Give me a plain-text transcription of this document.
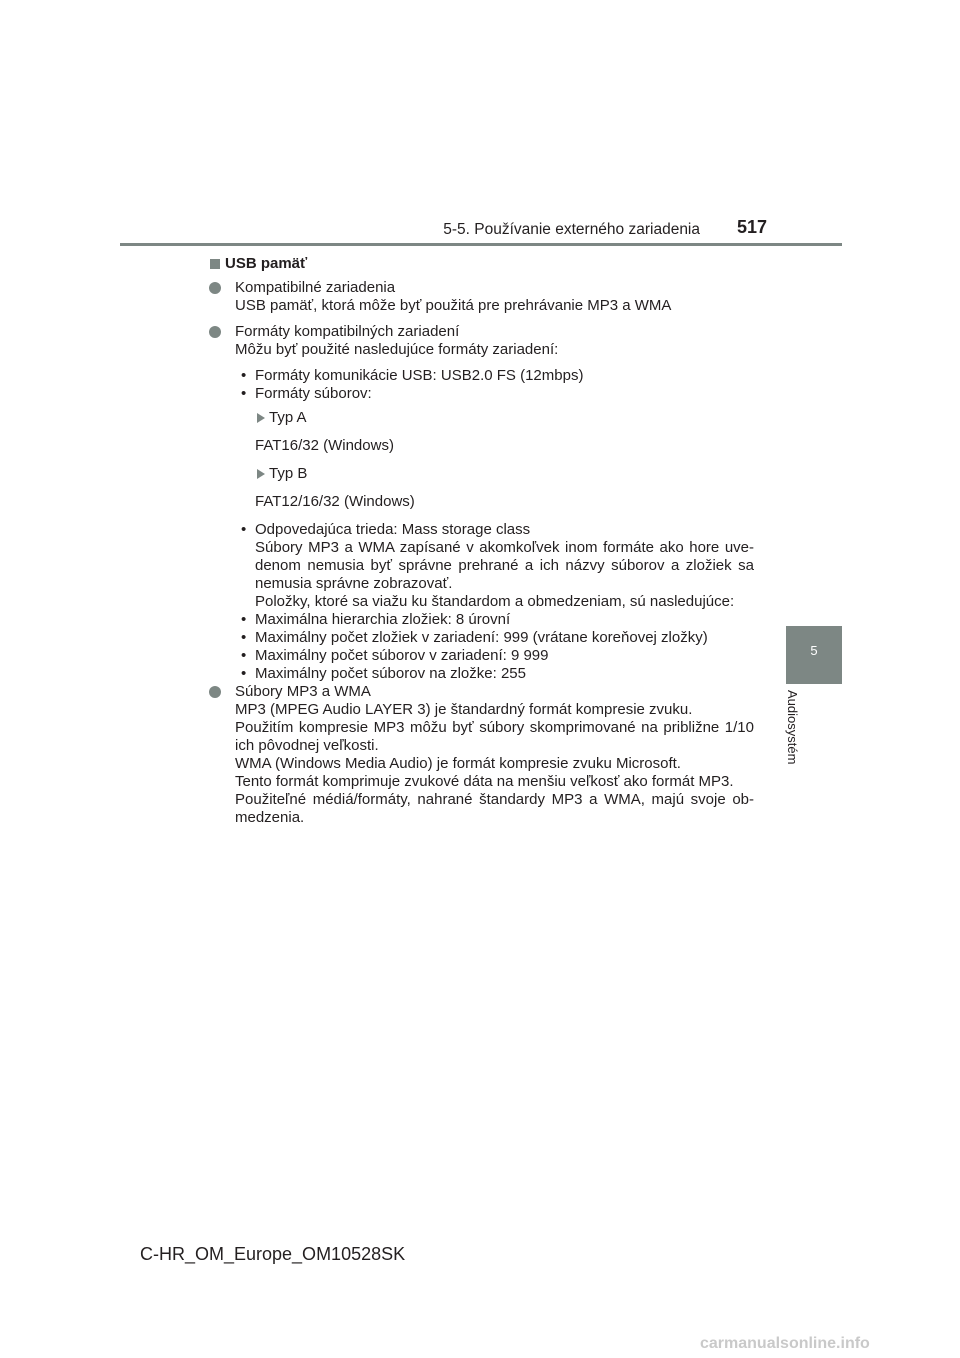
5-5. Používanie externého zariadenia 517
5
Audiosystém
USB pamäť
Kompatibilné zariadenia
USB pamäť, ktorá môže byť použitá pre prehrávanie MP3 a WMA
Formáty kompatibilných zariadení
Môžu byť použité nasledujúce formáty zariadení:
• Formáty komunikácie USB: USB2.0 FS (12mbps)
• Formáty súborov:
Typ A
FAT16/32 (Windows)
Typ B
FAT12/16/32 (Windows)
• Odpovedajúca trieda: Mass storage class
Súbory MP3 a WMA zapísané v akomkoľvek inom formáte ako hore uve-
denom nemusia byť správne prehrané a ich názvy súborov a zložiek sa
nemusia správne zobrazovať.
Položky, ktoré sa viažu ku štandardom a obmedzeniam, sú nasledujúce:
• Maximálna hierarchia zložiek: 8 úrovní
• Maximálny počet zložiek v zariadení: 999 (vrátane koreňovej zložky)
• Maximálny počet súborov v zariadení: 9 999
• Maximálny počet súborov na zložke: 255
Súbory MP3 a WMA
MP3 (MPEG Audio LAYER 3) je štandardný formát kompresie zvuku.
Použitím kompresie MP3 môžu byť súbory skomprimované na približne 1/10
ich pôvodnej veľkosti.
WMA (Windows Media Audio) je formát kompresie zvuku Microsoft.
Tento formát komprimuje zvukové dáta na menšiu veľkosť ako formát MP3.
Použiteľné médiá/formáty, nahrané štandardy MP3 a WMA, majú svoje ob-
medzenia.
C-HR_OM_Europe_OM10528SK
carmanualsonline.info
